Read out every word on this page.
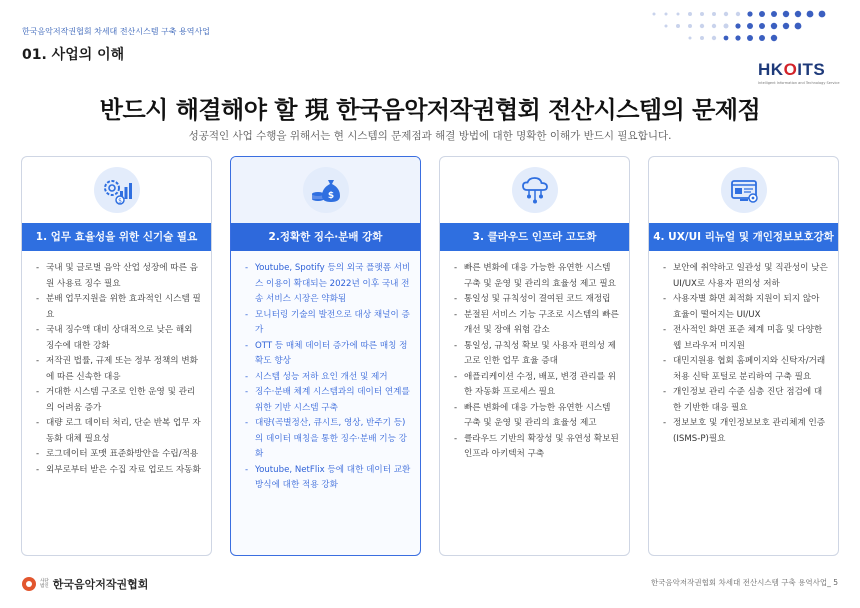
한국음악저작권협회 차세대 전산시스템 구축 용역사업
01. 사업의 이해
HKOITS
Intelligent Information and Technology Service
반드시 해결해야 할 現 한국음악저작권협회 전산시스템의 문제점
성공적인 사업 수행을 위해서는 현 시스템의 문제점과 해결 방법에 대한 명확한 이해가 반드시 필요합니다.
$
1. 업무 효율성을 위한 신기술 필요
- 국내 및 글로벌 음악 산업 성장에 따른 음원 사용료 징수 필요
- 분배 업무지원을 위한 효과적인 시스템 필요
- 국내 징수액 대비 상대적으로 낮은 해외 징수에 대한 강화
- 저작권 법률, 규제 또는 정부 정책의 변화에 따른 신속한 대응
- 거대한 시스템 구조로 인한 운영 및 관리의 어려움 증가
- 대량 로그 데이터 처리, 단순 반복 업무 자동화 대체 필요성
- 로그데이터 포맷 표준화방안을 수립/적용
- 외부로부터 받은 수집 자료 업로드 자동화
$
2.정확한 징수·분배 강화
- Youtube, Spotify 등의 외국 플랫폼 서비스 이용이 확대되는 2022년 이후 국내 전송 서비스 시장은 약화됨
- 모니터링 기술의 발전으로 대상 채널이 증가
- OTT 등 매체 데이터 증가에 따른 매칭 정확도 향상
- 시스템 성능 저하 요인 개선 및 제거
- 징수·분배 체계 시스템과의 데이터 연계를 위한 기반 시스템 구축
- 대량(곡별정산, 큐시트, 영상, 반주기 등) 의 데이터 매칭을 통한 징수·분배 기능 강화
- Youtube, NetFlix 등에 대한 데이터 교환 방식에 대한 적용 강화
3. 클라우드 인프라 고도화
- 빠른 변화에 대응 가능한 유연한 시스템 구축 및 운영 및 관리의 효율성 제고 필요
- 통일성 및 규칙성이 결여된 코드 재정립
- 분절된 서비스 기능 구조로 시스템의 빠른 개선 및 장애 위험 감소
- 통일성, 규칙성 확보 및 사용자 편의성 제고로 인한 업무 효율 증대
- 애플리케이션 수정, 배포, 변경 관리를 위한 자동화 프로세스 필요
- 빠른 변화에 대응 가능한 유연한 시스템 구축 및 운영 및 관리의 효율성 제고
- 클라우드 기반의 확장성 및 유연성 확보된 인프라 아키텍처 구축
4. UX/UI 리뉴얼 및 개인정보보호강화
- 보안에 취약하고 일관성 및 직관성이 낮은 UI/UX로 사용자 편의성 저하
- 사용자별 화면 최적화 지원이 되지 않아 효율이 떨어지는 UI/UX
- 전사적인 화면 표준 체계 미흡 및 다양한 웹 브라우저 미지원
- 대민지원용 협회 홈페이지와 신탁자/거래처용 신탁 포털로 분리하여 구축 필요
- 개인정보 관리 수준 심층 진단 점검에 대한 기반한 대응 필요
- 정보보호 및 개인정보보호 관리체계 인증(ISMS-P)필요
사단
법인 한국음악저작권협회	한국음악저작권협회 차세대 전산시스템 구축 용역사업_ 5
